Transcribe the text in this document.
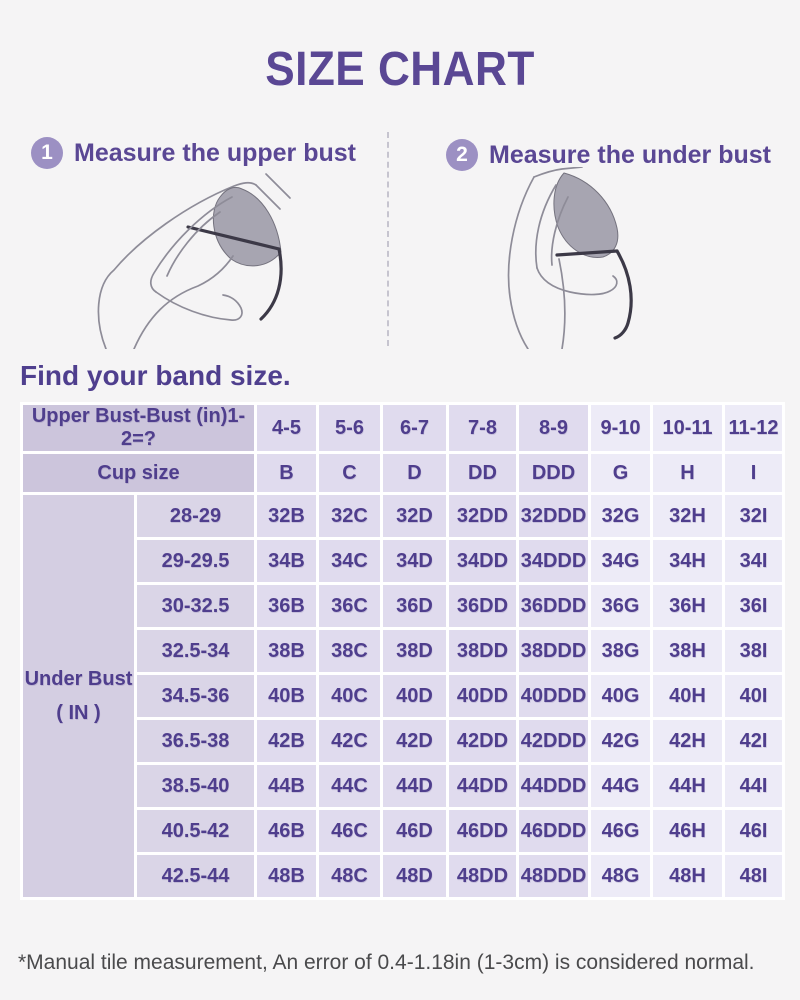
SIZE CHART
1 Measure the upper bust	2 Measure the under bust
Find your band size.
Upper Bust-Bust (in)1-2=?		4-5	5-6	6-7	7-8	8-9	9-10	10-11	11-12
Cup size		B	C	D	DD	DDD	G	H	I

Under Bust
( IN )	28-29	32B	32C	32D	32DD	32DDD	32G	32H	32I
	29-29.5	34B	34C	34D	34DD	34DDD	34G	34H	34I
	30-32.5	36B	36C	36D	36DD	36DDD	36G	36H	36I
	32.5-34	38B	38C	38D	38DD	38DDD	38G	38H	38I
	34.5-36	40B	40C	40D	40DD	40DDD	40G	40H	40I
	36.5-38	42B	42C	42D	42DD	42DDD	42G	42H	42I
	38.5-40	44B	44C	44D	44DD	44DDD	44G	44H	44I
	40.5-42	46B	46C	46D	46DD	46DDD	46G	46H	46I
	42.5-44	48B	48C	48D	48DD	48DDD	48G	48H	48I
*Manual tile measurement, An error of 0.4-1.18in (1-3cm) is considered normal.
